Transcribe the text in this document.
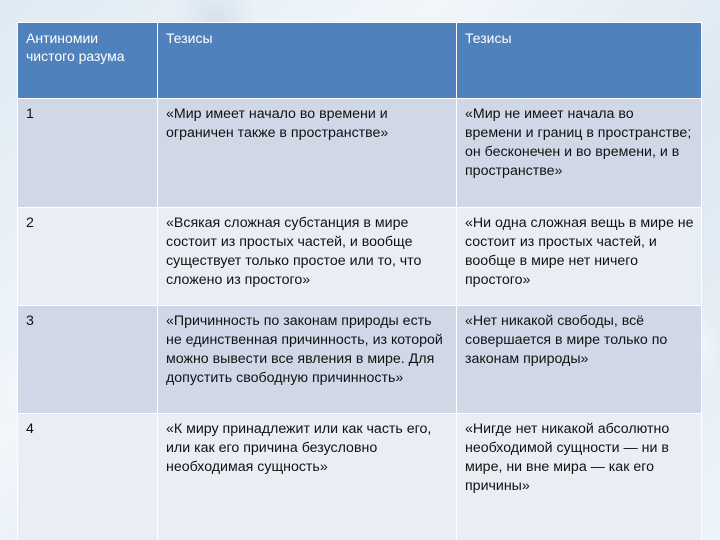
Антиномии чистого разума	Тезисы	Тезисы
1	«Мир имеет начало во времени и ограничен также в пространстве»	«Мир не имеет начала во времени и границ в пространстве; он бесконечен и во времени, и в пространстве»
2	«Всякая сложная субстанция в мире состоит из простых частей, и вообще существует только простое или то, что сложено из простого»	«Ни одна сложная вещь в мире не состоит из простых частей, и вообще в мире нет ничего простого»
3	«Причинность по законам природы есть не единственная причинность, из которой можно вывести все явления в мире. Для допустить свободную причинность»	«Нет никакой свободы, всё совершается в мире только по законам природы»
4	«К миру принадлежит или как часть его, или как его причина безусловно необходимая сущность»	«Нигде нет никакой абсолютно необходимой сущности — ни в мире, ни вне мира — как его причины»
